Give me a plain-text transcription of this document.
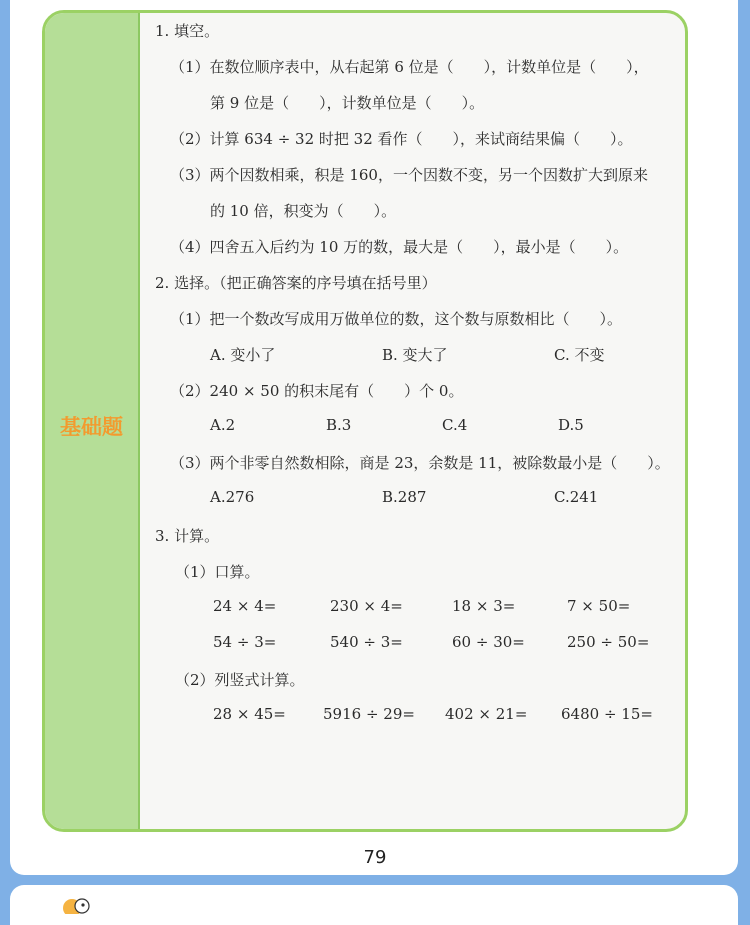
基础题
1. 填空。
（1）在数位顺序表中，从右起第 6 位是（　　），计数单位是（　　），
第 9 位是（　　），计数单位是（　　）。
（2）计算 634 ÷ 32 时把 32 看作（　　），来试商结果偏（　　）。
（3）两个因数相乘，积是 160，一个因数不变，另一个因数扩大到原来
的 10 倍，积变为（　　）。
（4）四舍五入后约为 10 万的数，最大是（　　），最小是（　　）。
2. 选择。（把正确答案的序号填在括号里）
（1）把一个数改写成用万做单位的数，这个数与原数相比（　　）。
A. 变小了	B. 变大了	C. 不变
（2）240 × 50 的积末尾有（　　）个 0。
A.2	B.3	C.4	D.5
（3）两个非零自然数相除，商是 23，余数是 11，被除数最小是（　　）。
A.276	B.287	C.241
3. 计算。
（1）口算。
24 × 4=	230 × 4=	18 × 3=	7 × 50=
54 ÷ 3=	540 ÷ 3=	60 ÷ 30=	250 ÷ 50=
（2）列竖式计算。
28 × 45= 5916 ÷ 29= 402 × 21= 6480 ÷ 15=
79
